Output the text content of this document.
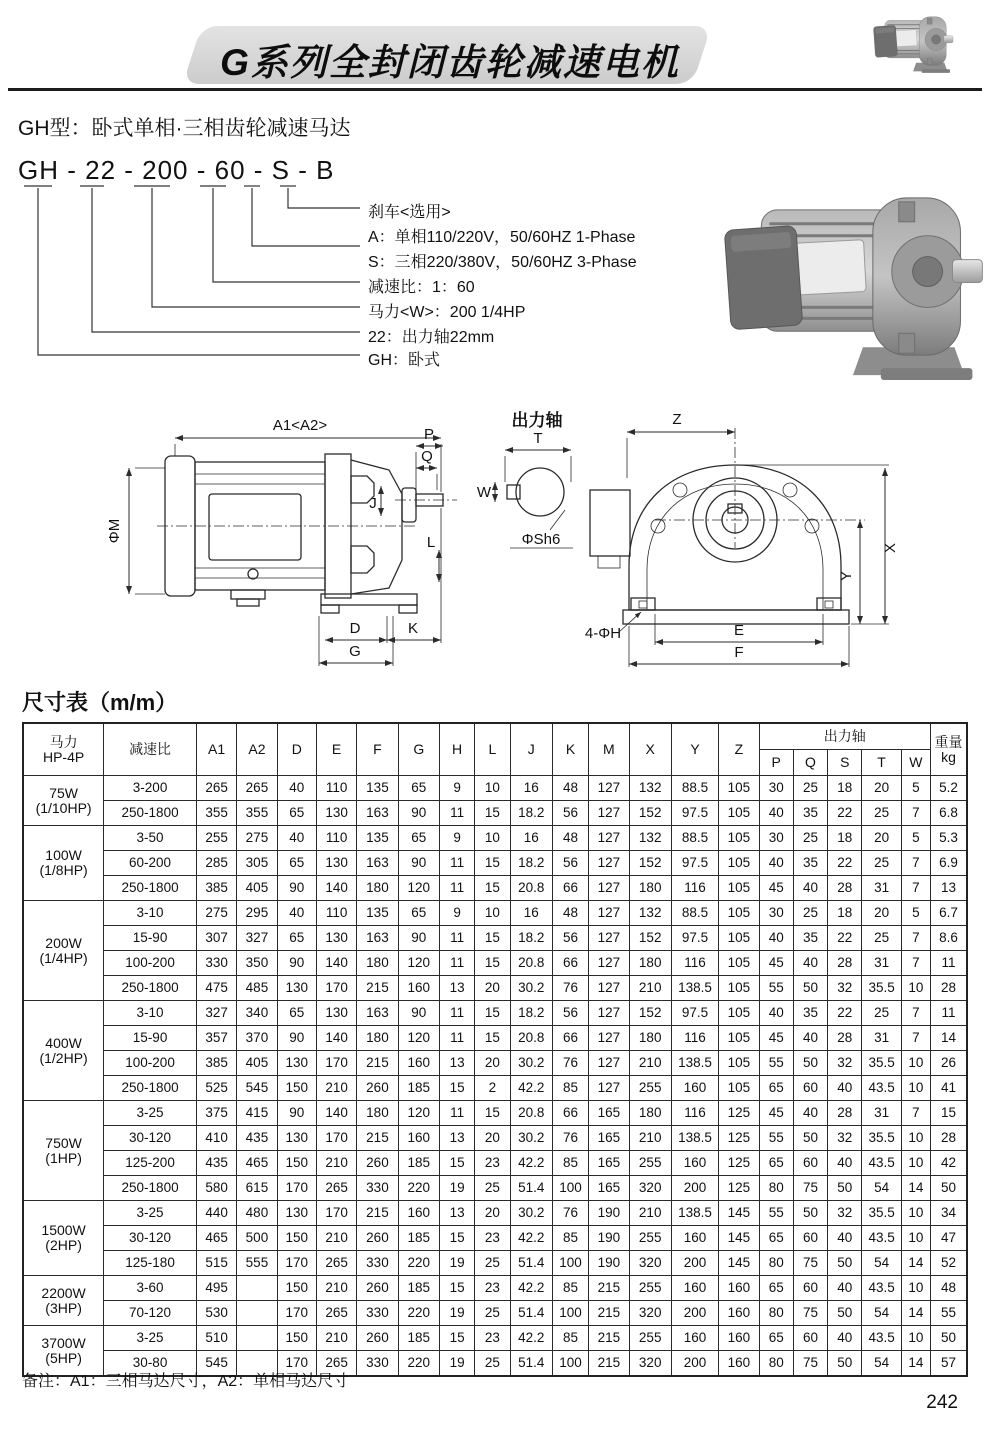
G系列全封闭齿轮减速电机
GH型：卧式单相·三相齿轮减速马达
GH - 22 - 200 - 60 - S - B
刹车<选用>
A：单相110/220V，50/60HZ 1-Phase
S：三相220/380V，50/60HZ 3-Phase
减速比：1：60
马力<W>：200 1/4HP
22：出力轴22mm
GH：卧式
A1<A2>
ΦM
P
Q
J
L
D	K
G
出力轴
T
W
ΦSh6
Z
X
Y
4-ΦH	E
F
尺寸表（m/m）
马力
HP-4P	减速比	A1	A2	D	E	F	G	H	L	J	K	M	X	Y	Z	出力轴	重量
kg

																P	Q	S	T	W	

75W
(1/10HP)	3-200	265	265	40	110	135	65	9	10	16	48	127	132	88.5	105	30	25	18	20	5	5.2
	250-1800	355	355	65	130	163	90	11	15	18.2	56	127	152	97.5	105	40	35	22	25	7	6.8

100W
(1/8HP)	3-50	255	275	40	110	135	65	9	10	16	48	127	132	88.5	105	30	25	18	20	5	5.3
	60-200	285	305	65	130	163	90	11	15	18.2	56	127	152	97.5	105	40	35	22	25	7	6.9
	250-1800	385	405	90	140	180	120	11	15	20.8	66	127	180	116	105	45	40	28	31	7	13

200W
(1/4HP)	3-10	275	295	40	110	135	65	9	10	16	48	127	132	88.5	105	30	25	18	20	5	6.7
	15-90	307	327	65	130	163	90	11	15	18.2	56	127	152	97.5	105	40	35	22	25	7	8.6
	100-200	330	350	90	140	180	120	11	15	20.8	66	127	180	116	105	45	40	28	31	7	11
	250-1800	475	485	130	170	215	160	13	20	30.2	76	127	210	138.5	105	55	50	32	35.5	10	28

400W
(1/2HP)	3-10	327	340	65	130	163	90	11	15	18.2	56	127	152	97.5	105	40	35	22	25	7	11
	15-90	357	370	90	140	180	120	11	15	20.8	66	127	180	116	105	45	40	28	31	7	14
	100-200	385	405	130	170	215	160	13	20	30.2	76	127	210	138.5	105	55	50	32	35.5	10	26
	250-1800	525	545	150	210	260	185	15	2	42.2	85	127	255	160	105	65	60	40	43.5	10	41

750W
(1HP)	3-25	375	415	90	140	180	120	11	15	20.8	66	165	180	116	125	45	40	28	31	7	15
	30-120	410	435	130	170	215	160	13	20	30.2	76	165	210	138.5	125	55	50	32	35.5	10	28
	125-200	435	465	150	210	260	185	15	23	42.2	85	165	255	160	125	65	60	40	43.5	10	42
	250-1800	580	615	170	265	330	220	19	25	51.4	100	165	320	200	125	80	75	50	54	14	50

1500W
(2HP)	3-25	440	480	130	170	215	160	13	20	30.2	76	190	210	138.5	145	55	50	32	35.5	10	34
	30-120	465	500	150	210	260	185	15	23	42.2	85	190	255	160	145	65	60	40	43.5	10	47
	125-180	515	555	170	265	330	220	19	25	51.4	100	190	320	200	145	80	75	50	54	14	52

2200W
(3HP)	3-60	495		150	210	260	185	15	23	42.2	85	215	255	160	160	65	60	40	43.5	10	48
	70-120	530		170	265	330	220	19	25	51.4	100	215	320	200	160	80	75	50	54	14	55

3700W
(5HP)	3-25	510		150	210	260	185	15	23	42.2	85	215	255	160	160	65	60	40	43.5	10	50
	30-80	545		170	265	330	220	19	25	51.4	100	215	320	200	160	80	75	50	54	14	57
备注：A1：三相马达尺寸，A2：单相马达尺寸
242
